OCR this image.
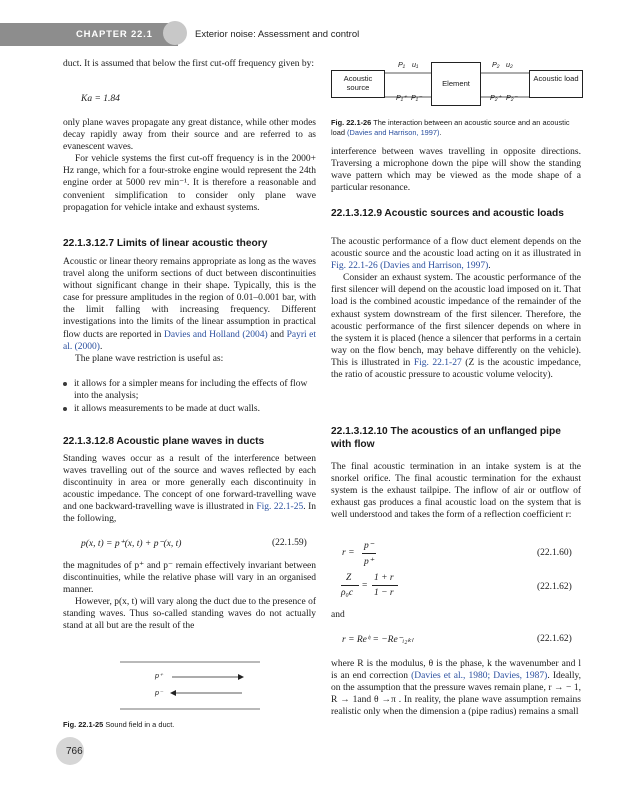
CHAPTER 22.1	Exterior noise: Assessment and control

duct. It is assumed that below the first cut-off frequency given by:

Ka = 1.84

only plane waves propagate any great distance, while other modes decay rapidly away from their source and are referred to as evanescent waves.

For vehicle systems the first cut-off frequency is in the 2000+ Hz range, which for a four-stroke engine would represent the 24th engine order at 5000 rev min⁻¹. It is therefore a reasonable and convenient simplification to consider only plane wave propagation for vehicle intake and exhaust systems.

22.1.3.12.7 Limits of linear acoustic theory

Acoustic or linear theory remains appropriate as long as the waves travel along the uniform sections of duct between discontinuities without significant change in their shape. Typically, this is the case for pressure amplitudes in the region of 0.01–0.001 bar, with the limit falling with increasing frequency. Different investigations into the limits of the linear assumption in practical flow ducts are reported in Davies and Holland (2004) and Payri et al. (2000).

The plane wave restriction is useful as:

it allows for a simpler means for including the effects of flow into the analysis;
it allows measurements to be made at duct walls.
22.1.3.12.8 Acoustic plane waves in ducts

Standing waves occur as a result of the interference between waves travelling out of the source and waves reflected by each discontinuity in area or more generally each discontinuity in acoustic impedance. The concept of one forward-travelling wave and one backward-travelling wave is illustrated in Fig. 22.1-25. In the following,

p(x, t) = p⁺(x, t) + p⁻(x, t)	(22.1.59)

the magnitudes of p⁺ and p⁻ remain effectively invariant between discontinuities, while the relative phase will vary in an organised manner.

However, p(x, t) will vary along the duct due to the presence of standing waves. Thus so-called standing waves do not actually stand at all but are the result of the

p⁺
p⁻
Fig. 22.1-25 Sound field in a duct.
766
Acoustic source	Element
Acoustic load
P₁ u₁	P₂ u₂
P₁⁺ P₁⁻	P₂⁺ P₂⁻
Fig. 22.1-26 The interaction between an acoustic source and an acoustic load (Davies and Harrison, 1997).

interference between waves travelling in opposite directions. Traversing a microphone down the pipe will show the standing wave pattern which may be viewed as the mode shape of a particular resonance.

22.1.3.12.9 Acoustic sources and acoustic loads

The acoustic performance of a flow duct element depends on the acoustic source and the acoustic load acting on it as illustrated in Fig. 22.1-26 (Davies and Harrison, 1997).

Consider an exhaust system. The acoustic performance of the first silencer will depend on the acoustic load imposed on it. That load is the combined acoustic impedance of the remainder of the exhaust system downstream of the first silencer. Therefore, the acoustic performance of the first silencer depends on where in the system it is placed (hence a silencer that performs in a certain way on the flow bench, may behave differently on the vehicle). This is illustrated in Fig. 22.1-27 (Z is the acoustic impedance, the ratio of acoustic pressure to acoustic volume velocity).

22.1.3.12.10 The acoustics of an unflanged pipe with flow

The final acoustic termination in an intake system is at the snorkel orifice. The final acoustic termination for the exhaust system is the exhaust tailpipe. The inflow of air or outflow of exhaust gas produces a final acoustic load on the system that is well understood and takes the form of a reflection coefficient r:

r =
p⁻
p⁺
(22.1.60)
Z
ρ₀c
=
1 + r
1 − r
(22.1.62)
and
r = Reⁱᶦ = −Re⁻ᵢ₂ₖₗ	(22.1.62)

where R is the modulus, θ is the phase, k the wavenumber and l is an end correction (Davies et al., 1980; Davies, 1987). Ideally, on the assumption that the pressure waves remain plane, r → − 1, R → 1and θ →π . In reality, the plane wave assumption remains realistic only when the dimension a (pipe radius) remains a small
